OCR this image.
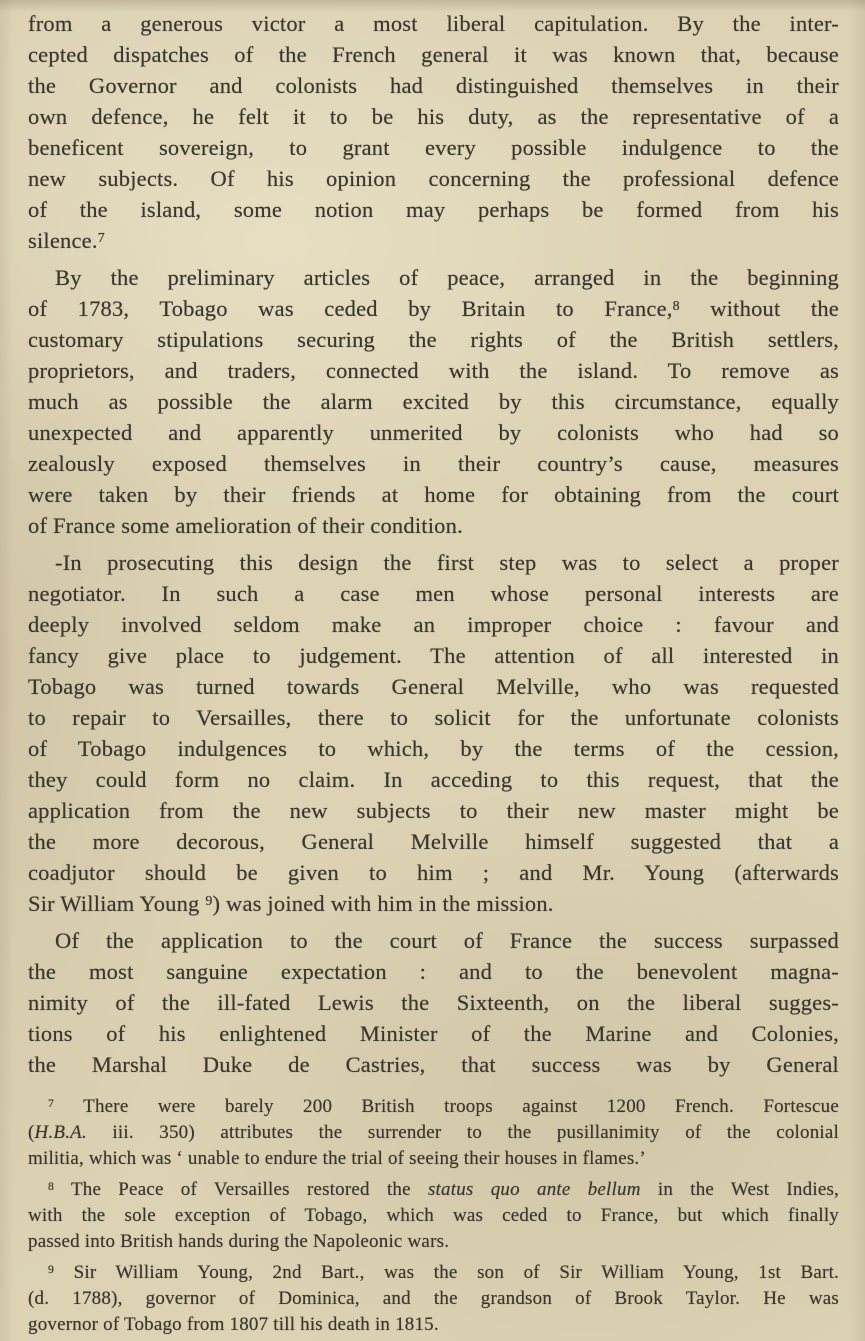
from a generous victor a most liberal capitulation. By the inter-
cepted dispatches of the French general it was known that, because
the Governor and colonists had distinguished themselves in their
own defence, he felt it to be his duty, as the representative of a
beneficent sovereign, to grant every possible indulgence to the
new subjects. Of his opinion concerning the professional defence
of the island, some notion may perhaps be formed from his
silence.$^7$
By the preliminary articles of peace, arranged in the beginning
of 1783, Tobago was ceded by Britain to France,$^8$ without the
customary stipulations securing the rights of the British settlers,
proprietors, and traders, connected with the island. To remove as
much as possible the alarm excited by this circumstance, equally
unexpected and apparently unmerited by colonists who had so
zealously exposed themselves in their country’s cause, measures
were taken by their friends at home for obtaining from the court
of France some amelioration of their condition.
-In prosecuting this design the first step was to select a proper
negotiator. In such a case men whose personal interests are
deeply involved seldom make an improper choice : favour and
fancy give place to judgement. The attention of all interested in
Tobago was turned towards General Melville, who was requested
to repair to Versailles, there to solicit for the unfortunate colonists
of Tobago indulgences to which, by the terms of the cession,
they could form no claim. In acceding to this request, that the
application from the new subjects to their new master might be
the more decorous, General Melville himself suggested that a
coadjutor should be given to him ; and Mr. Young (afterwards
Sir William Young $^9$) was joined with him in the mission.
Of the application to the court of France the success surpassed
the most sanguine expectation : and to the benevolent magna-
nimity of the ill-fated Lewis the Sixteenth, on the liberal sugges-
tions of his enlightened Minister of the Marine and Colonies,
the Marshal Duke de Castries, that success was by General
$^7$ There were barely 200 British troops against 1200 French. Fortescue
(H.B.A. iii. 350) attributes the surrender to the pusillanimity of the colonial
militia, which was ‘ unable to endure the trial of seeing their houses in flames.’
$^8$ The Peace of Versailles restored the status quo ante bellum in the West Indies,
with the sole exception of Tobago, which was ceded to France, but which finally
passed into British hands during the Napoleonic wars.
$^9$ Sir William Young, 2nd Bart., was the son of Sir William Young, 1st Bart.
(d. 1788), governor of Dominica, and the grandson of Brook Taylor. He was
governor of Tobago from 1807 till his death in 1815.
